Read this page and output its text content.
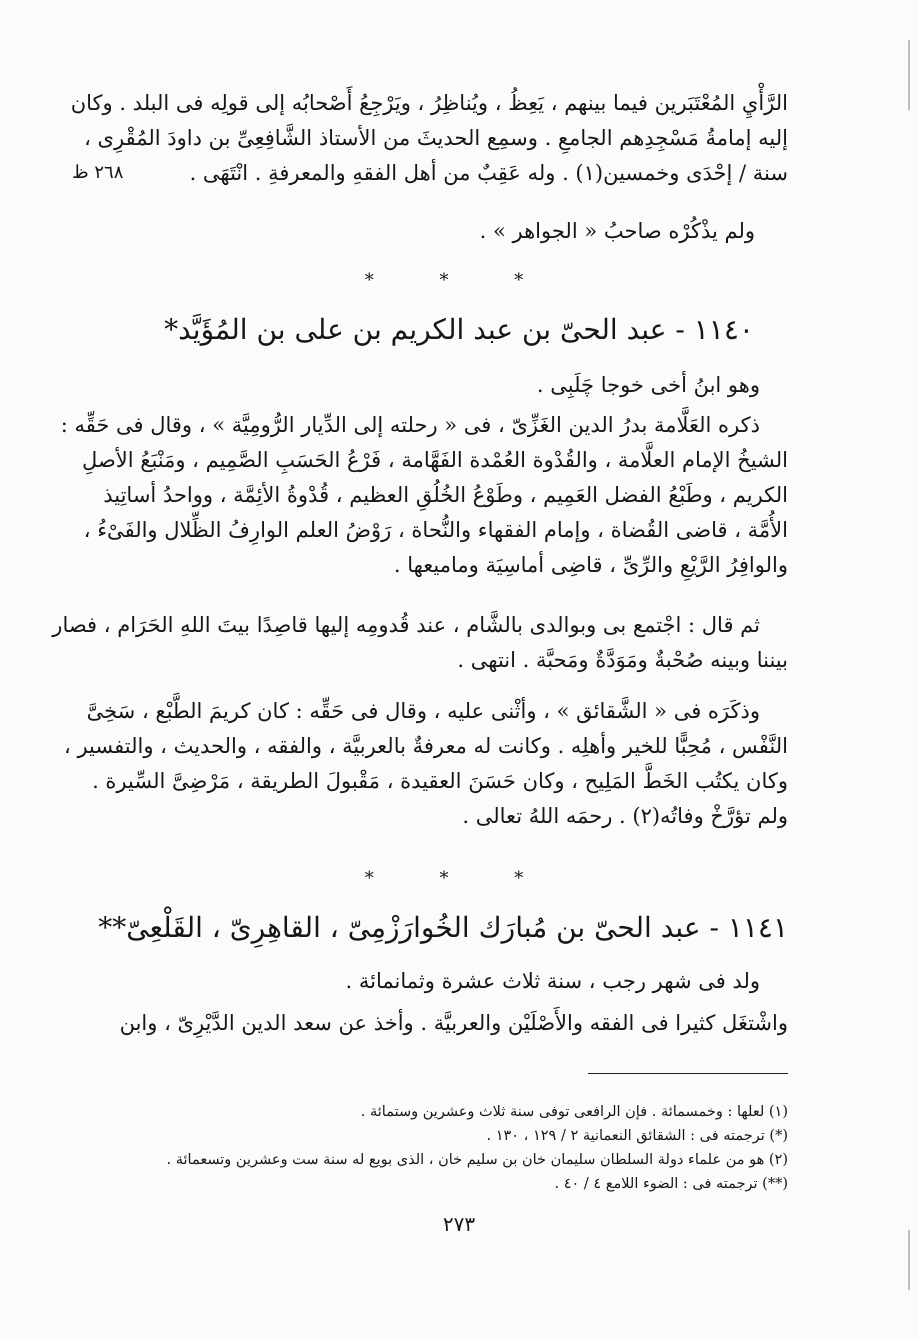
٢٦٨ ظ
الرَّأْيِ المُعْتَبَرين فيما بينهم ، يَعِظُ ، ويُناظِرُ ، ويَرْجِعُ أَصْحابُه إلى قولِه فى البلد . وكان
إليه إمامةُ مَسْجِدِهم الجامعِ . وسمِع الحديثَ من الأستاذ الشَّافِعِىِّ بن داودَ المُقْرِى ،
سنة / إحْدَى وخمسين(١) . وله عَقِبٌ من أهل الفقهِ والمعرفةِ . انْتَهَى .
ولم يذْكُرْه صاحبُ « الجواهر » .
* * *
١١٤٠ - عبد الحىّ بن عبد الكريم بن على بن المُؤَيَّد*
وهو ابنُ أخى خوجا چَلَبِى .
ذكره العَلَّامة بدرُ الدين الغَزِّىّ ، فى « رحلته إلى الدِّيار الرُّومِيَّة » ، وقال فى حَقِّه :
الشيخُ الإمام العلَّامة ، والقُدْوة العُمْدة الفَهَّامة ، فَرْعُ الحَسَبِ الصَّمِيم ، ومَنْبَعُ الأصلِ
الكريم ، وطَبْعُ الفضل العَمِيم ، وطَوْعُ الخُلُقِ العظيم ، قُدْوةُ الأئِمَّة ، وواحدُ أساتِيذ
الأُمَّة ، قاضى القُضاة ، وإمام الفقهاء والنُّحاة ، رَوْضُ العلم الوارِفُ الظِّلال والفَىْءُ ،
والوافِرُ الرَّيْعِ والرِّىِّ ، قاضِى أماسِيَة وماميعها .
ثم قال : اجْتمع بى وبوالدى بالشَّام ، عند قُدومِه إليها قاصِدًا بيتَ اللهِ الحَرَام ، فصار
بيننا وبينه صُحْبةٌ ومَوَدَّةٌ ومَحبَّة . انتهى .
وذكَرَه فى « الشَّقائق » ، وأثْنى عليه ، وقال فى حَقِّه : كان كريمَ الطَّبْع ، سَخِىَّ
النَّفْس ، مُحِبًّا للخير وأهلِه . وكانت له معرفةٌ بالعربيَّة ، والفقه ، والحديث ، والتفسير ،
وكان يكتُب الخَطَّ المَلِيح ، وكان حَسَنَ العقيدة ، مَقْبولَ الطريقة ، مَرْضِىَّ السِّيرة .
ولم تؤرَّخْ وفاتُه(٢) . رحمَه اللهُ تعالى .
* * *
١١٤١ - عبد الحىّ بن مُبارَك الخُوارَزْمِىّ ، القاهِرِىّ ، القَلْعِىّ**
ولد فى شهر رجب ، سنة ثلاث عشرة وثمانمائة .
واشْتغَل كثيرا فى الفقه والأَصْلَيْن والعربيَّة . وأخذ عن سعد الدين الدَّيْرِىّ ، وابن
(١) لعلها : وخمسمائة . فإن الرافعى توفى سنة ثلاث وعشرين وستمائة .
(*) ترجمته فى : الشقائق النعمانية ٢ / ١٢٩ ، ١٣٠ .
(٢) هو من علماء دولة السلطان سليمان خان بن سليم خان ، الذى بويع له سنة ست وعشرين وتسعمائة .
(**) ترجمته فى : الضوء اللامع ٤ / ٤٠ .
٢٧٣
